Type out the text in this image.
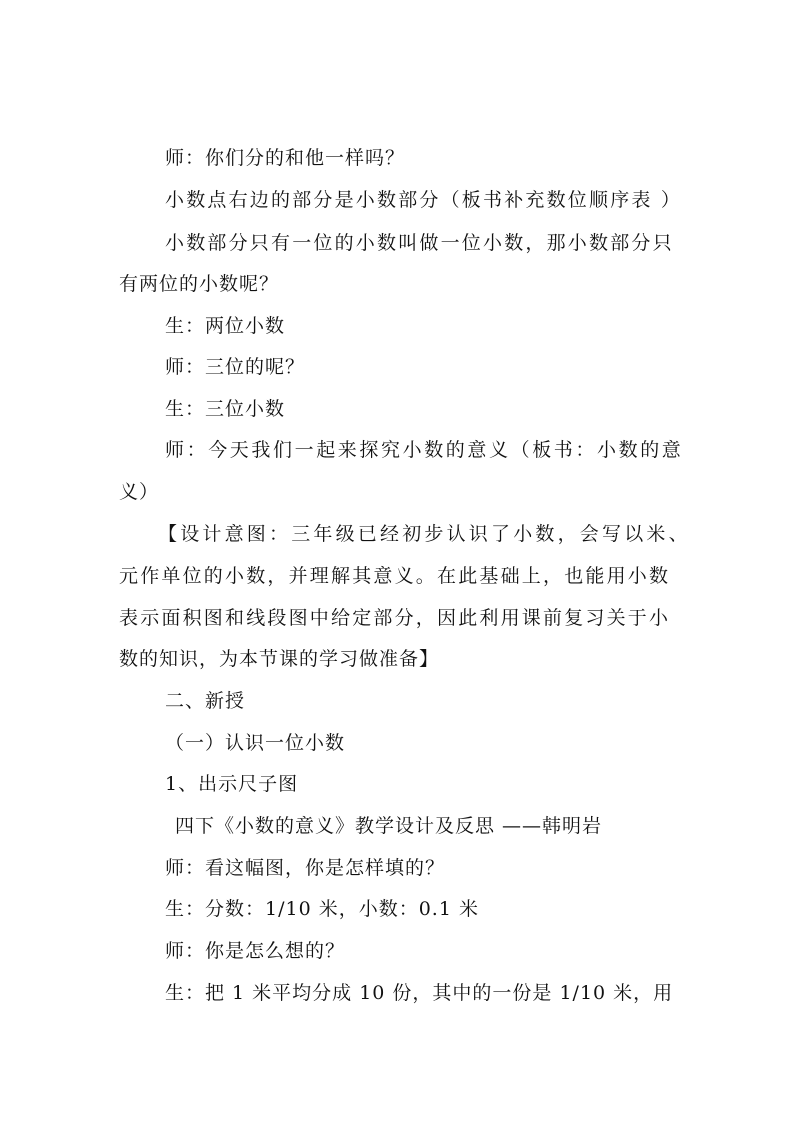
师：你们分的和他一样吗？
小数点右边的部分是小数部分（板书补充数位顺序表 ）
小数部分只有一位的小数叫做一位小数，那小数部分只
有两位的小数呢？
生：两位小数
师：三位的呢？
生：三位小数
师：今天我们一起来探究小数的意义（板书：小数的意
义）
【设计意图：三年级已经初步认识了小数，会写以米、
元作单位的小数，并理解其意义。在此基础上，也能用小数
表示面积图和线段图中给定部分，因此利用课前复习关于小
数的知识，为本节课的学习做准备】
二、新授
（一）认识一位小数
1、出示尺子图
四下《小数的意义》教学设计及反思 ——韩明岩
师：看这幅图，你是怎样填的？
生：分数：1/10 米，小数：0.1 米
师：你是怎么想的？
生：把 1 米平均分成 10 份，其中的一份是 1/10 米，用
